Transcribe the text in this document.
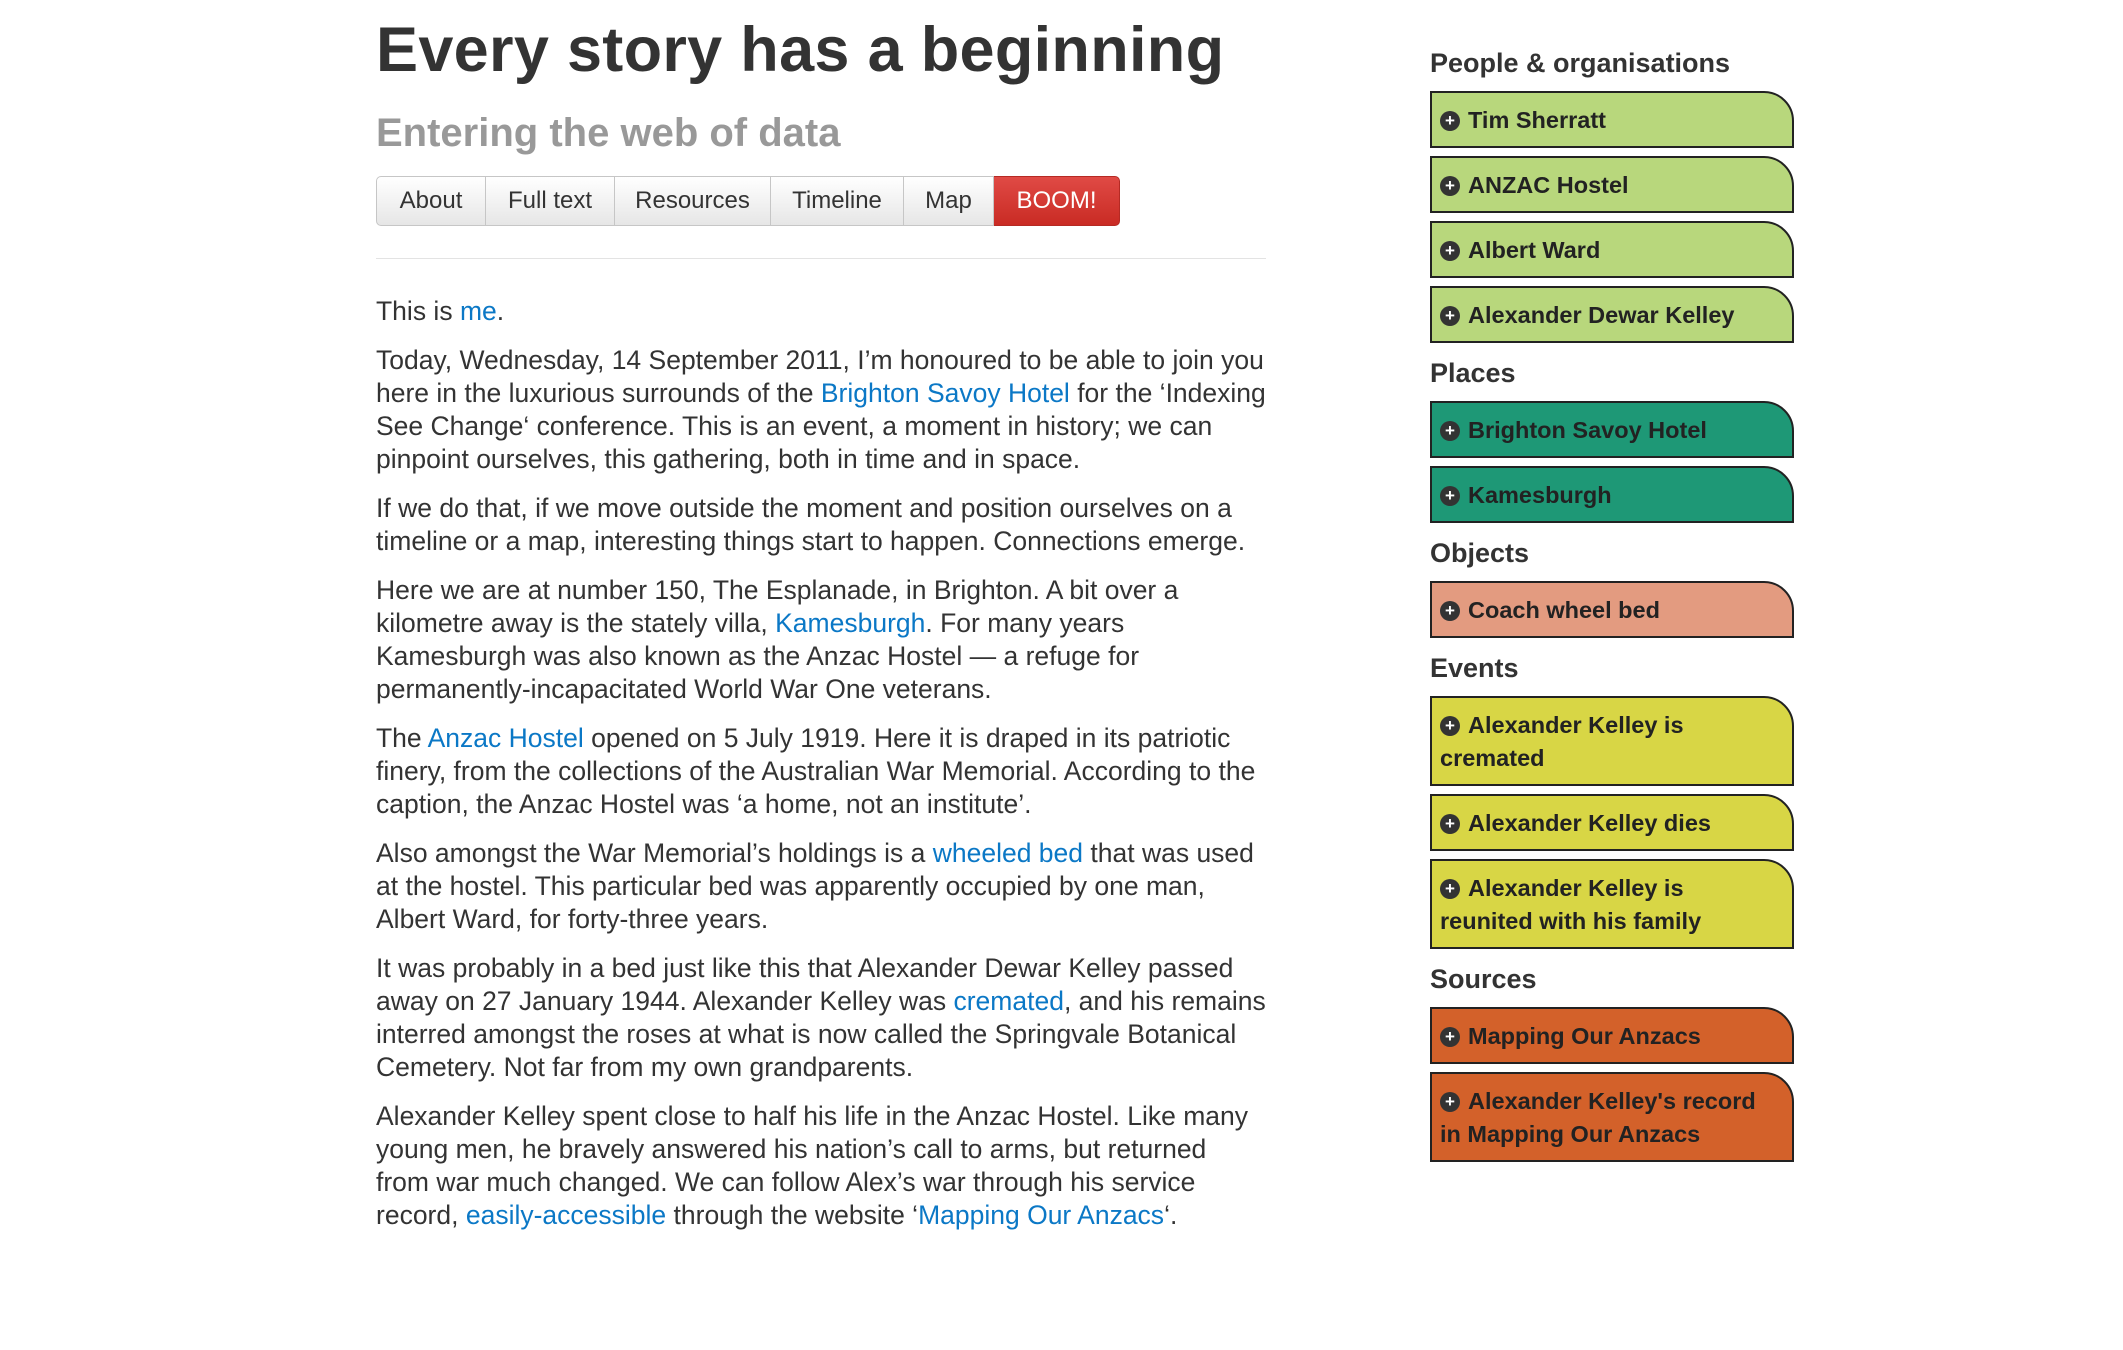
Every story has a beginning
Entering the web of data
About	Full text	Resources	Timeline	Map	BOOM!

This is me.

Today, Wednesday, 14 September 2011, I’m honoured to be able to join you here in the luxurious surrounds of the Brighton Savoy Hotel for the ‘Indexing See Change‘ conference. This is an event, a moment in history; we can pinpoint ourselves, this gathering, both in time and in space.

If we do that, if we move outside the moment and position ourselves on a timeline or a map, interesting things start to happen. Connections emerge.

Here we are at number 150, The Esplanade, in Brighton. A bit over a kilometre away is the stately villa, Kamesburgh. For many years Kamesburgh was also known as the Anzac Hostel — a refuge for permanently-incapacitated World War One veterans.

The Anzac Hostel opened on 5 July 1919. Here it is draped in its patriotic finery, from the collections of the Australian War Memorial. According to the caption, the Anzac Hostel was ‘a home, not an institute’.

Also amongst the War Memorial’s holdings is a wheeled bed that was used at the hostel. This particular bed was apparently occupied by one man, Albert Ward, for forty-three years.

It was probably in a bed just like this that Alexander Dewar Kelley passed away on 27 January 1944. Alexander Kelley was cremated, and his remains interred amongst the roses at what is now called the Springvale Botanical Cemetery. Not far from my own grandparents.

Alexander Kelley spent close to half his life in the Anzac Hostel. Like many young men, he bravely answered his nation’s call to arms, but returned from war much changed. We can follow Alex’s war through his service record, easily-accessible through the website ‘Mapping Our Anzacs‘.

People & organisations
+ Tim Sherratt
+ ANZAC Hostel
+ Albert Ward
+ Alexander Dewar Kelley
Places
+ Brighton Savoy Hotel
+ Kamesburgh
Objects
+ Coach wheel bed
Events
+ Alexander Kelley is cremated
+ Alexander Kelley dies
+ Alexander Kelley is reunited with his family
Sources
+ Mapping Our Anzacs
+ Alexander Kelley's record in Mapping Our Anzacs
